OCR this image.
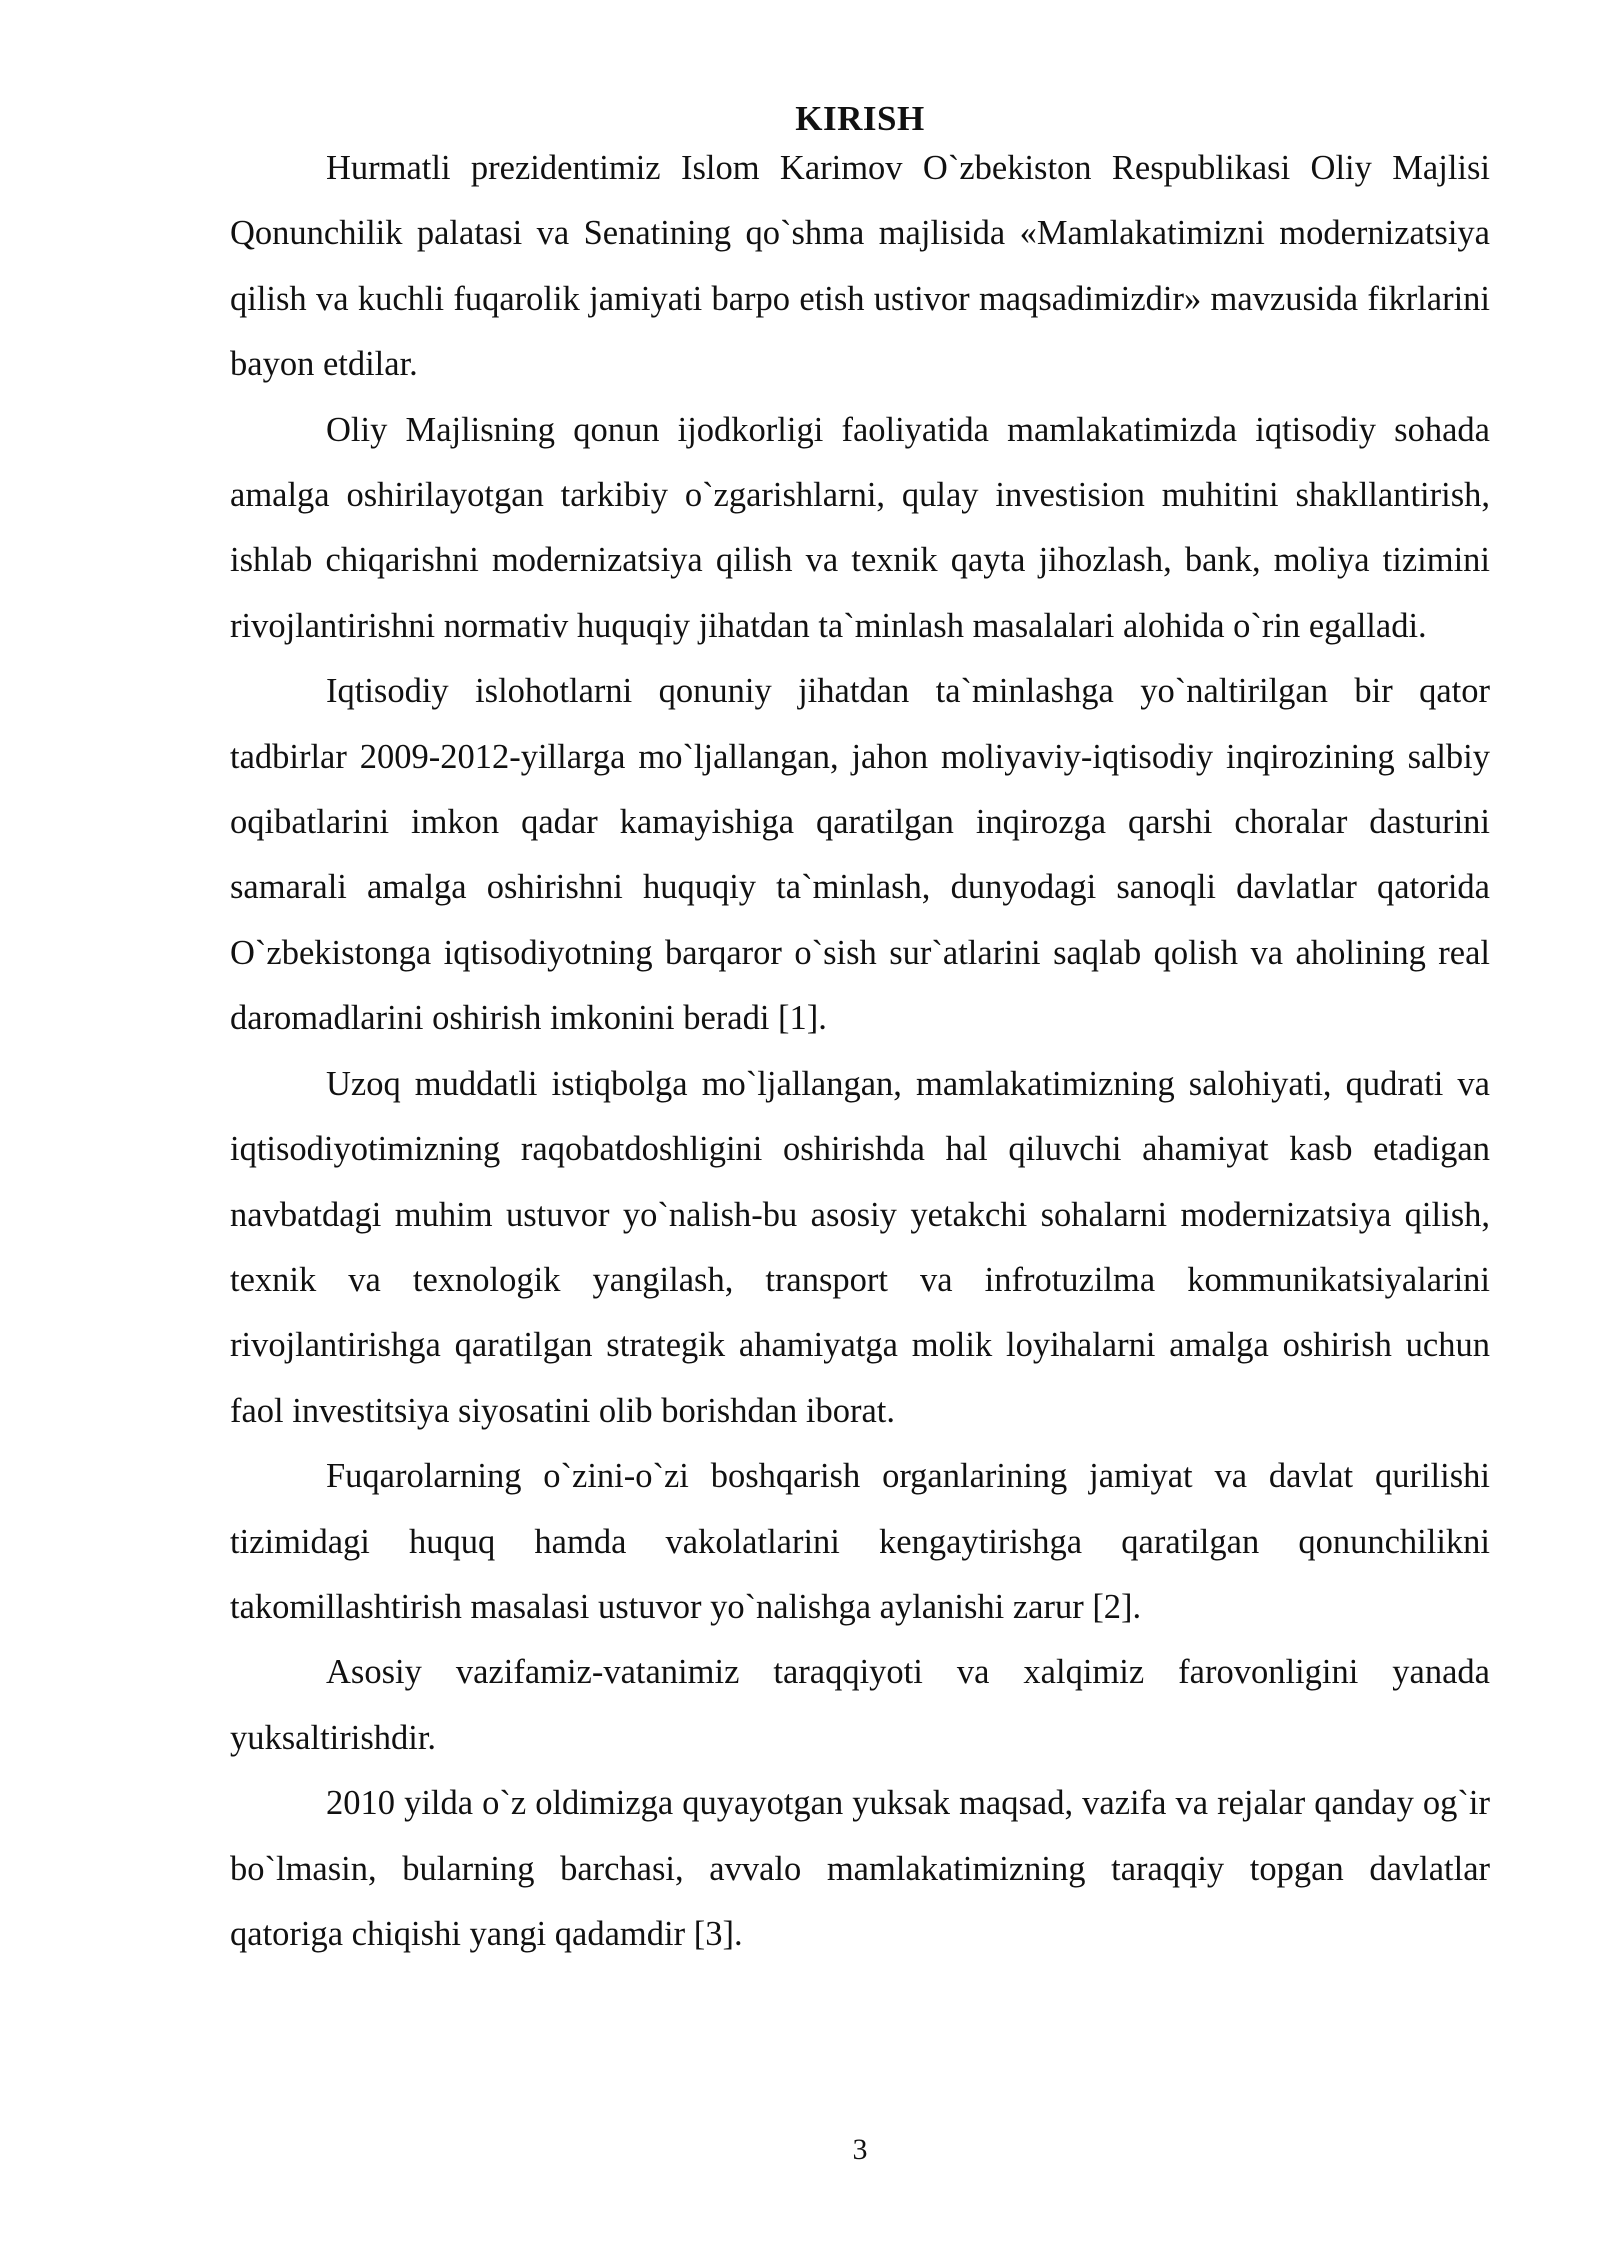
KIRISH

Hurmatli prezidentimiz Islom Karimov O`zbekiston Respublikasi Oliy Majlisi Qonunchilik palatasi va Senatining qo`shma majlisida «Mamlakatimizni modernizatsiya qilish va kuchli fuqarolik jamiyati barpo etish ustivor maqsadimizdir» mavzusida fikrlarini bayon etdilar.

Oliy Majlisning qonun ijodkorligi faoliyatida mamlakatimizda iqtisodiy sohada amalga oshirilayotgan tarkibiy o`zgarishlarni, qulay investision muhitini shakllantirish, ishlab chiqarishni modernizatsiya qilish va texnik qayta jihozlash, bank, moliya tizimini rivojlantirishni normativ huquqiy jihatdan ta`minlash masalalari alohida o`rin egalladi.

Iqtisodiy islohotlarni qonuniy jihatdan ta`minlashga yo`naltirilgan bir qator tadbirlar 2009-2012-yillarga mo`ljallangan, jahon moliyaviy-iqtisodiy inqirozining salbiy oqibatlarini imkon qadar kamayishiga qaratilgan inqirozga qarshi choralar dasturini samarali amalga oshirishni huquqiy ta`minlash, dunyodagi sanoqli davlatlar qatorida O`zbekistonga iqtisodiyotning barqaror o`sish sur`atlarini saqlab qolish va aholining real daromadlarini oshirish imkonini beradi [1].

Uzoq muddatli istiqbolga mo`ljallangan, mamlakatimizning salohiyati, qudrati va iqtisodiyotimizning raqobatdoshligini oshirishda hal qiluvchi ahamiyat kasb etadigan navbatdagi muhim ustuvor yo`nalish-bu asosiy yetakchi sohalarni modernizatsiya qilish, texnik va texnologik yangilash, transport va infrotuzilma kommunikatsiyalarini rivojlantirishga qaratilgan strategik ahamiyatga molik loyihalarni amalga oshirish uchun faol investitsiya siyosatini olib borishdan iborat.

Fuqarolarning o`zini-o`zi boshqarish organlarining jamiyat va davlat qurilishi tizimidagi huquq hamda vakolatlarini kengaytirishga qaratilgan qonunchilikni takomillashtirish masalasi ustuvor yo`nalishga aylanishi zarur [2].

Asosiy vazifamiz-vatanimiz taraqqiyoti va xalqimiz farovonligini yanada yuksaltirishdir.

2010 yilda o`z oldimizga quyayotgan yuksak maqsad, vazifa va rejalar qanday og`ir bo`lmasin, bularning barchasi, avvalo mamlakatimizning taraqqiy topgan davlatlar qatoriga chiqishi yangi qadamdir [3].

3
